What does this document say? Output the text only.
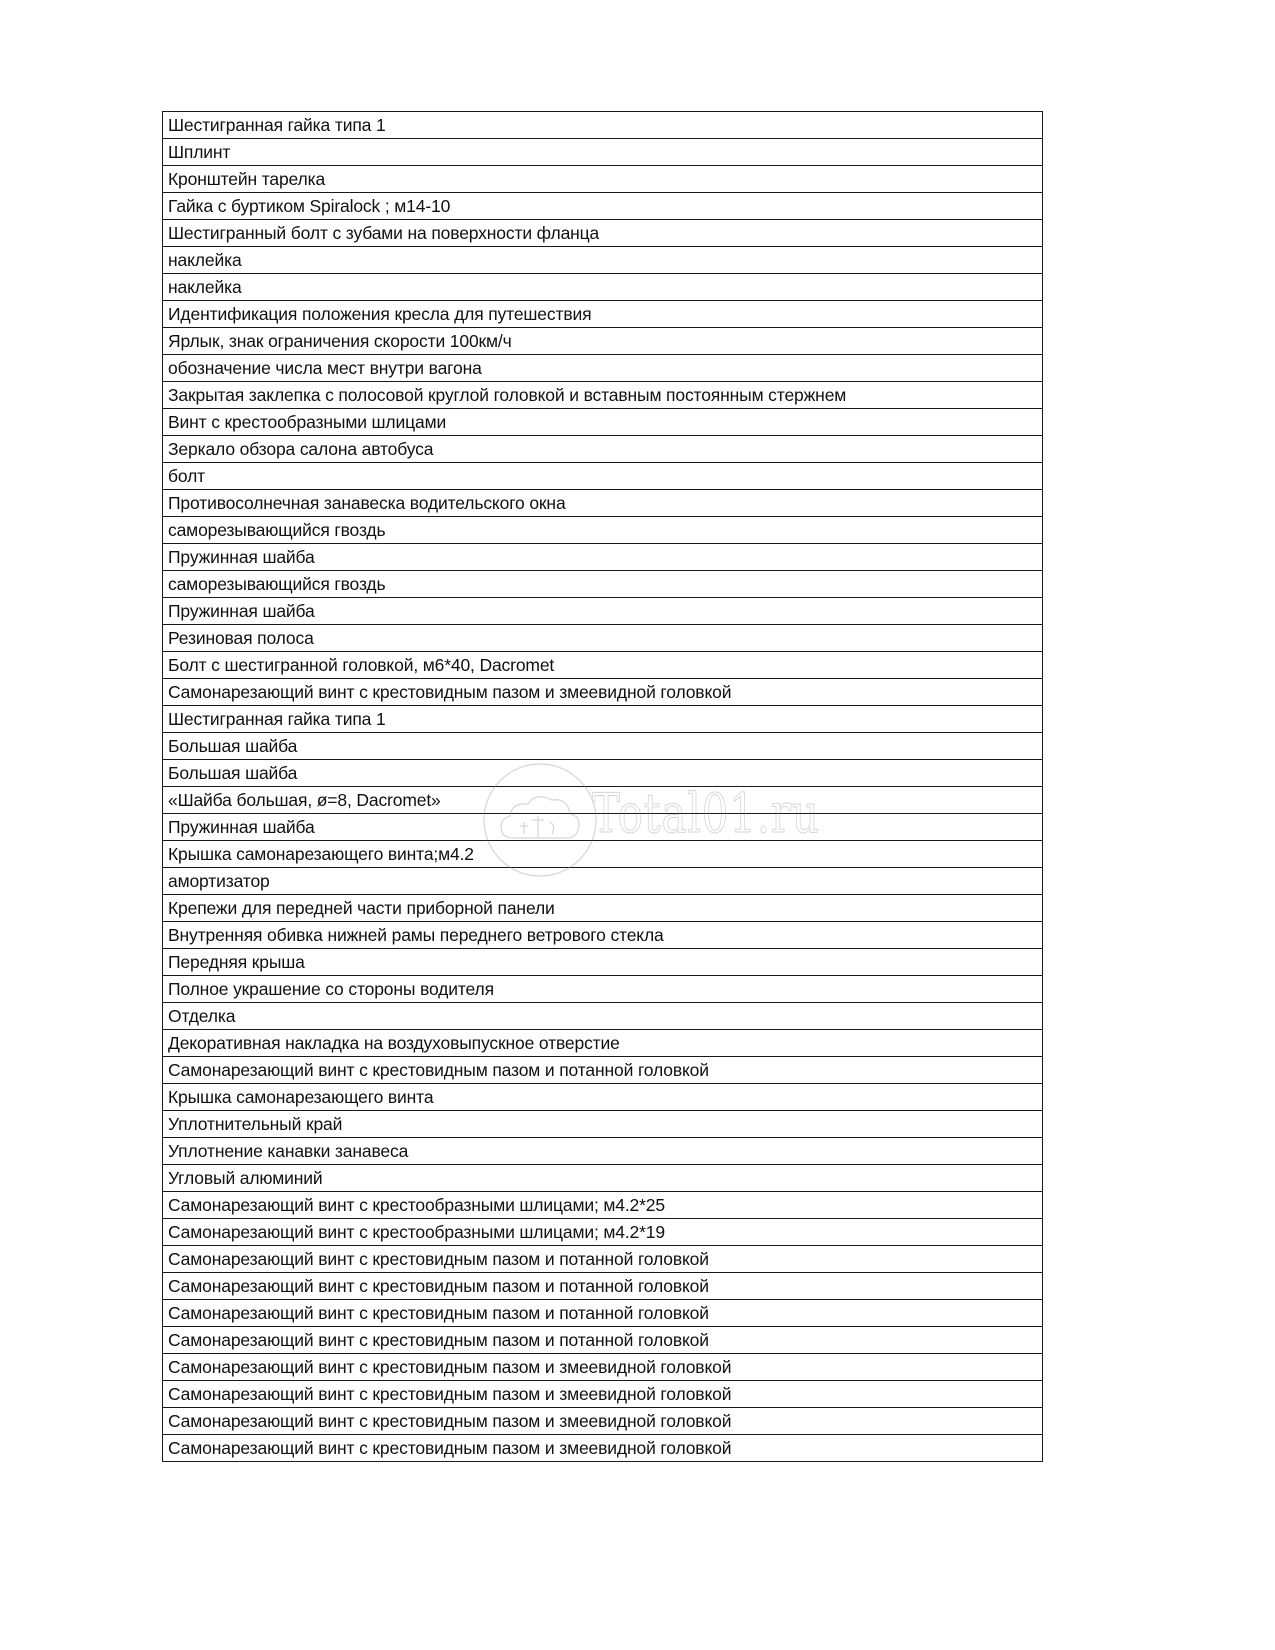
Шестигранная гайка типа 1
Шплинт
Кронштейн тарелка
Гайка с буртиком Spiralock ; м14-10
Шестигранный болт с зубами на поверхности фланца
наклейка
наклейка
Идентификация положения кресла для путешествия
Ярлык, знак ограничения скорости 100км/ч
обозначение числа мест внутри вагона
Закрытая заклепка с полосовой круглой головкой и вставным постоянным стержнем
Винт с крестообразными шлицами
Зеркало обзора салона автобуса
болт
Противосолнечная занавеска водительского окна
саморезывающийся гвоздь
Пружинная шайба
саморезывающийся гвоздь
Пружинная шайба
Резиновая полоса
Болт с шестигранной головкой, м6*40, Dacromet
Самонарезающий винт с крестовидным пазом и змеевидной головкой
Шестигранная гайка типа 1
Большая шайба
Большая шайба
«Шайба большая, ø=8, Dacromet»
Пружинная шайба
Крышка самонарезающего винта;м4.2
амортизатор
Крепежи для передней части приборной панели
Внутренняя обивка нижней рамы переднего ветрового стекла
Передняя крыша
Полное украшение со стороны водителя
Отделка
Декоративная накладка на воздуховыпускное отверстие
Самонарезающий винт с крестовидным пазом и потанной головкой
Крышка самонарезающего винта
Уплотнительный край
Уплотнение канавки занавеса
Угловый алюминий
Самонарезающий винт с крестообразными шлицами; м4.2*25
Самонарезающий винт с крестообразными шлицами; м4.2*19
Самонарезающий винт с крестовидным пазом и потанной головкой
Самонарезающий винт с крестовидным пазом и потанной головкой
Самонарезающий винт с крестовидным пазом и потанной головкой
Самонарезающий винт с крестовидным пазом и потанной головкой
Самонарезающий винт с крестовидным пазом и змеевидной головкой
Самонарезающий винт с крестовидным пазом и змеевидной головкой
Самонарезающий винт с крестовидным пазом и змеевидной головкой
Самонарезающий винт с крестовидным пазом и змеевидной головкой
Total01.ru
